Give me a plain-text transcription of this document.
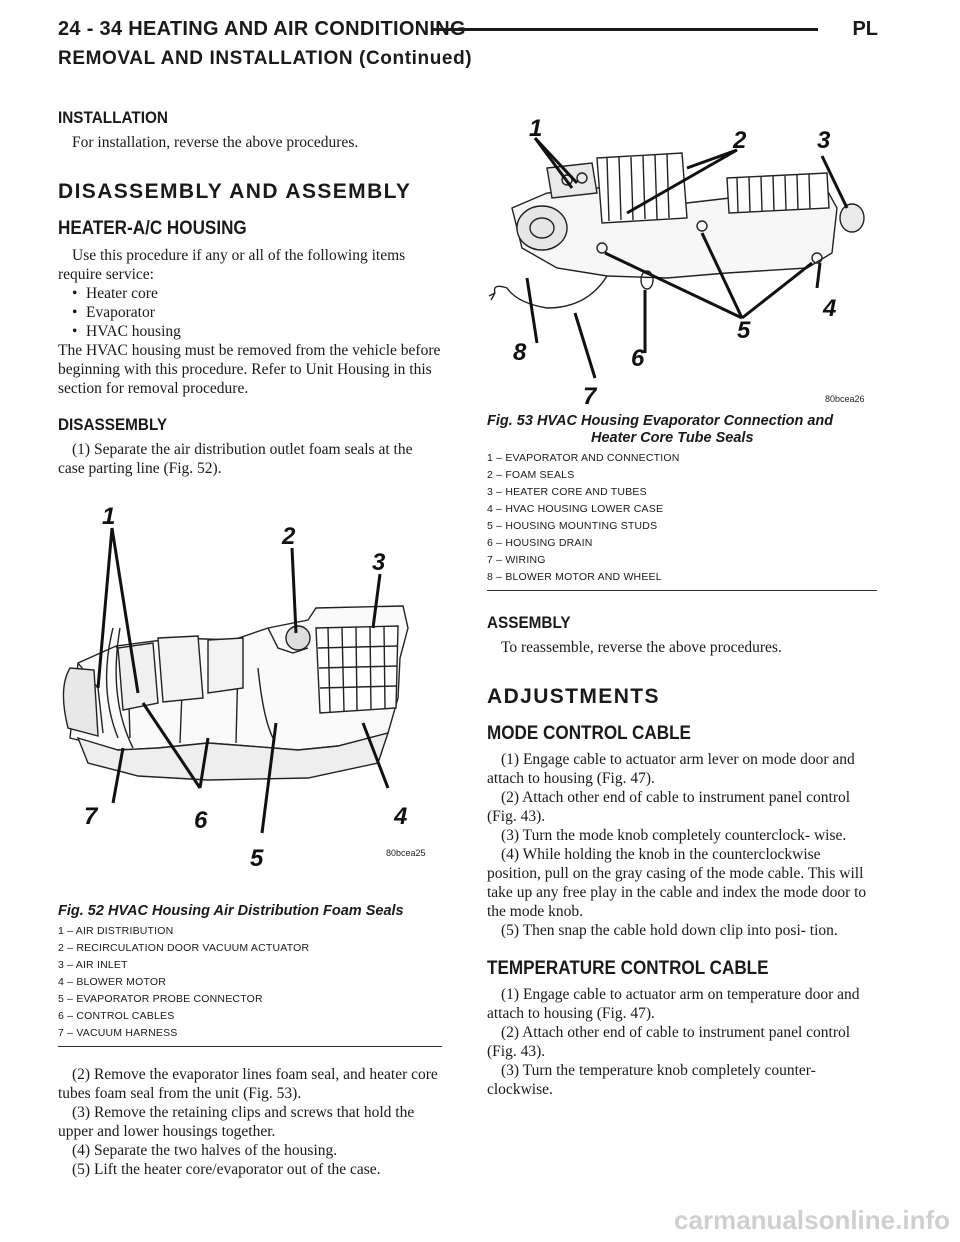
24 - 34 HEATING AND AIR CONDITIONING	PL
REMOVAL AND INSTALLATION (Continued)
INSTALLATION

For installation, reverse the above procedures.

DISASSEMBLY AND ASSEMBLY
HEATER-A/C HOUSING

Use this procedure if any or all of the following items require service:

• Heater core
• Evaporator
• HVAC housing

The HVAC housing must be removed from the vehicle before beginning with this procedure. Refer to Unit Housing in this section for removal procedure.

DISASSEMBLY

(1) Separate the air distribution outlet foam seals at the case parting line (Fig. 52).

1
2
3
4
5
6
7
80bcea25
Fig. 52 HVAC Housing Air Distribution Foam Seals
1 – AIR DISTRIBUTION
2 – RECIRCULATION DOOR VACUUM ACTUATOR
3 – AIR INLET
4 – BLOWER MOTOR
5 – EVAPORATOR PROBE CONNECTOR
6 – CONTROL CABLES
7 – VACUUM HARNESS

(2) Remove the evaporator lines foam seal, and heater core tubes foam seal from the unit (Fig. 53).

(3) Remove the retaining clips and screws that hold the upper and lower housings together.

(4) Separate the two halves of the housing.

(5) Lift the heater core/evaporator out of the case.

1	2	3
4
5
6
7
8
80bcea26
Fig. 53 HVAC Housing Evaporator Connection and
Heater Core Tube Seals
1 – EVAPORATOR AND CONNECTION
2 – FOAM SEALS
3 – HEATER CORE AND TUBES
4 – HVAC HOUSING LOWER CASE
5 – HOUSING MOUNTING STUDS
6 – HOUSING DRAIN
7 – WIRING
8 – BLOWER MOTOR AND WHEEL
ASSEMBLY

To reassemble, reverse the above procedures.

ADJUSTMENTS
MODE CONTROL CABLE

(1) Engage cable to actuator arm lever on mode door and attach to housing (Fig. 47).

(2) Attach other end of cable to instrument panel control (Fig. 43).

(3) Turn the mode knob completely counterclock- wise.

(4) While holding the knob in the counterclockwise position, pull on the gray casing of the mode cable. This will take up any free play in the cable and index the mode door to the mode knob.

(5) Then snap the cable hold down clip into posi- tion.

TEMPERATURE CONTROL CABLE

(1) Engage cable to actuator arm on temperature door and attach to housing (Fig. 47).

(2) Attach other end of cable to instrument panel control (Fig. 43).

(3) Turn the temperature knob completely counter- clockwise.

carmanualsonline.info
